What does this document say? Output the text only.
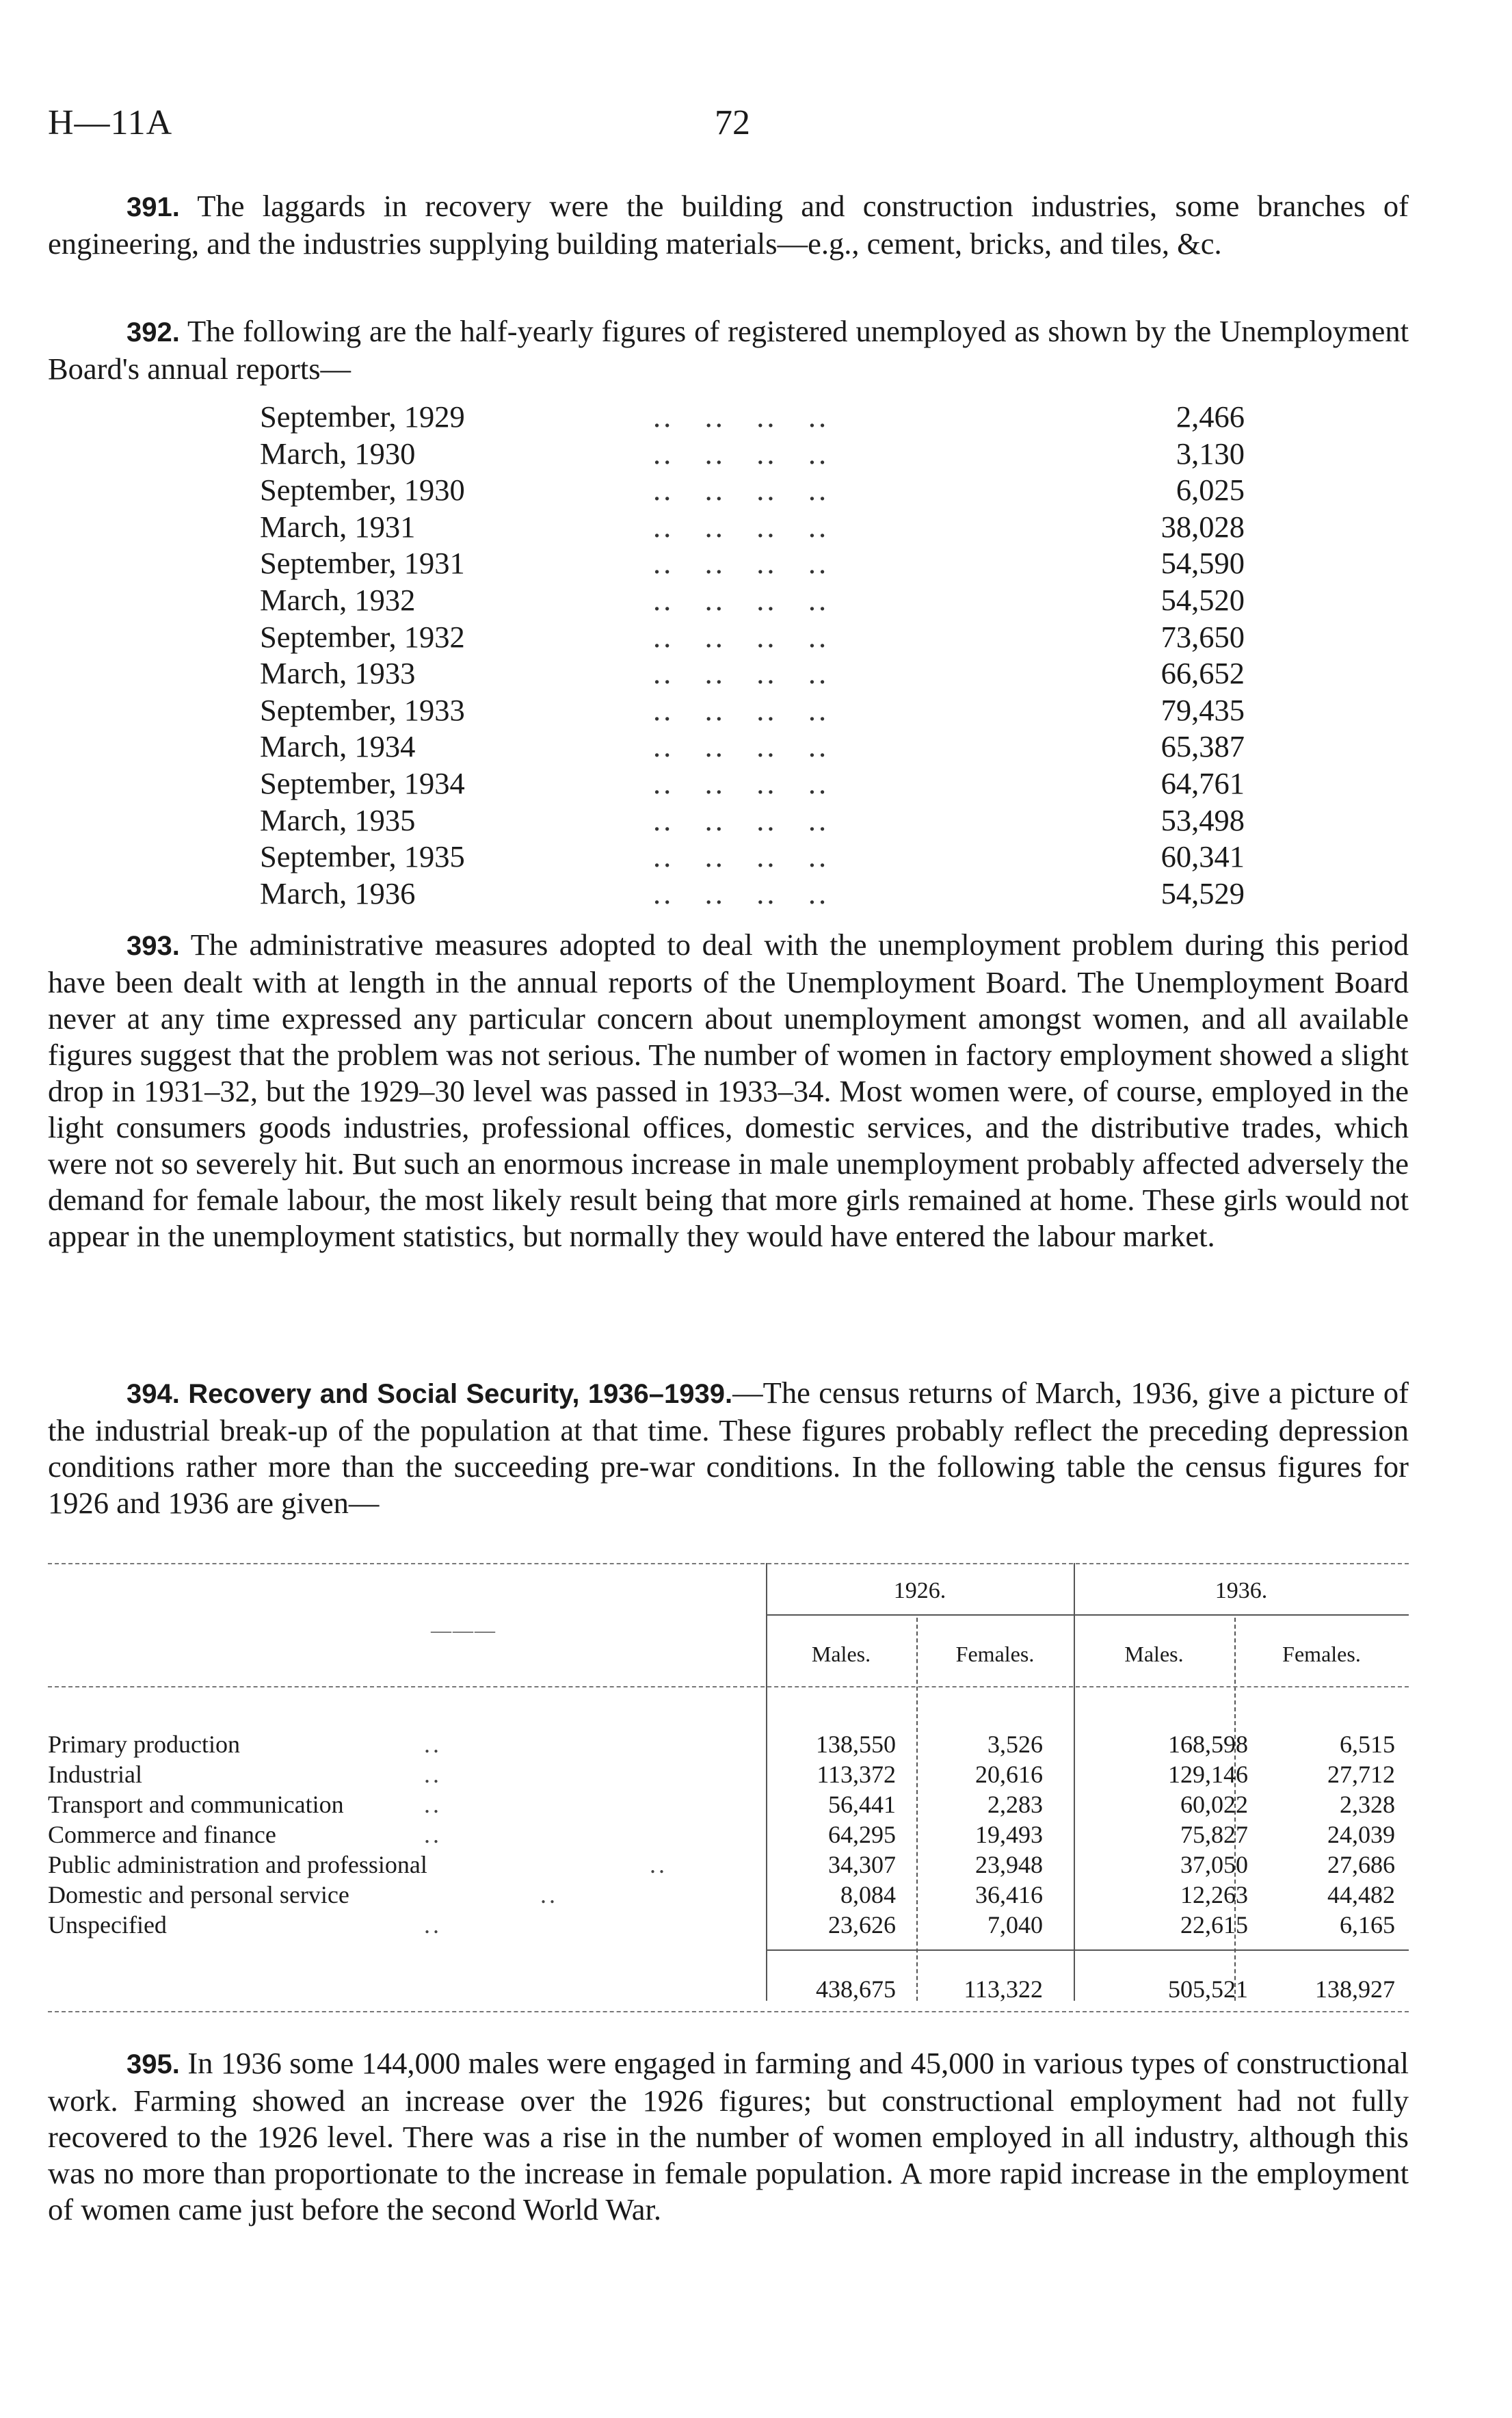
H—11A	72

391. The laggards in recovery were the building and construction industries, some branches of engineering, and the industries supplying building materials—e.g., cement, bricks, and tiles, &c.

392. The following are the half-yearly figures of registered unemployed as shown by the Unemployment Board's annual reports—

September, 1929	..   ..   ..   ..	2,466
March, 1930	..   ..   ..   ..	3,130
September, 1930	..   ..   ..   ..	6,025
March, 1931	..   ..   ..   ..	38,028
September, 1931	..   ..   ..   ..	54,590
March, 1932	..   ..   ..   ..	54,520
September, 1932	..   ..   ..   ..	73,650
March, 1933	..   ..   ..   ..	66,652
September, 1933	..   ..   ..   ..	79,435
March, 1934	..   ..   ..   ..	65,387
September, 1934	..   ..   ..   ..	64,761
March, 1935	..   ..   ..   ..	53,498
September, 1935	..   ..   ..   ..	60,341
March, 1936	..   ..   ..   ..	54,529

393. The administrative measures adopted to deal with the unemployment problem during this period have been dealt with at length in the annual reports of the Unemployment Board. The Unemployment Board never at any time expressed any particular concern about unemployment amongst women, and all available figures suggest that the problem was not serious. The number of women in factory employment showed a slight drop in 1931–32, but the 1929–30 level was passed in 1933–34. Most women were, of course, employed in the light consumers goods industries, professional offices, domestic services, and the distributive trades, which were not so severely hit. But such an enormous increase in male unemployment probably affected adversely the demand for female labour, the most likely result being that more girls remained at home. These girls would not appear in the unemployment statistics, but normally they would have entered the labour market.

394. Recovery and Social Security, 1936–1939.—The census returns of March, 1936, give a picture of the industrial break-up of the population at that time. These figures probably reflect the preceding depression conditions rather more than the succeeding pre-war conditions. In the following table the census figures for 1926 and 1936 are given—

1926.	1936.
———
Males.	Females.	Males.	Females.
Primary production	..	138,550	3,526	168,598	6,515
Industrial	..	113,372	20,616	129,146	27,712
Transport and communication	..	56,441	2,283	60,022	2,328
Commerce and finance	..	64,295	19,493	75,827	24,039
Public administration and professional	..	34,307	23,948	37,050	27,686
Domestic and personal service	..	8,084	36,416	12,263	44,482
Unspecified	..	23,626	7,040	22,615	6,165
438,675	113,322	505,521	138,927

395. In 1936 some 144,000 males were engaged in farming and 45,000 in various types of constructional work. Farming showed an increase over the 1926 figures; but constructional employment had not fully recovered to the 1926 level. There was a rise in the number of women employed in all industry, although this was no more than proportionate to the increase in female population. A more rapid increase in the employment of women came just before the second World War.
